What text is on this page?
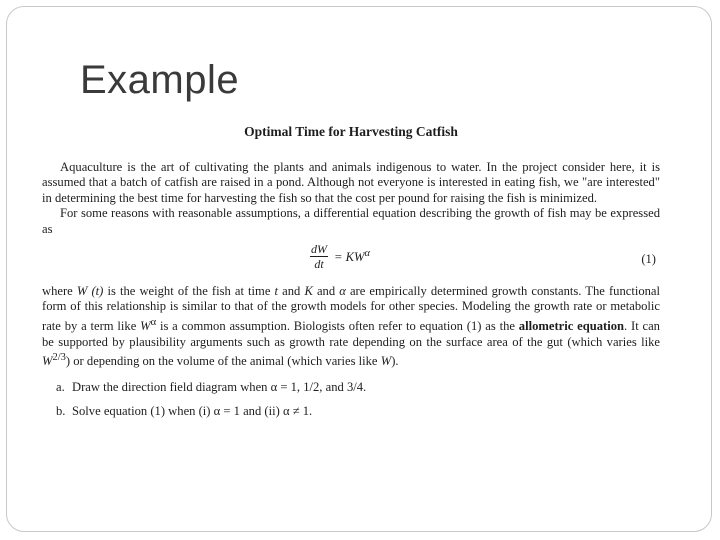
Example
Optimal Time for Harvesting Catfish

Aquaculture is the art of cultivating the plants and animals indigenous to water. In the project consider here, it is assumed that a batch of catfish are raised in a pond. Although not everyone is interested in eating fish, we "are interested" in determining the best time for harvesting the fish so that the cost per pound for raising the fish is minimized.

For some reasons with reasonable assumptions, a differential equation describing the growth of fish may be expressed as

$\frac{dW}{dt} = KW^\alpha$	(1)

where W (t) is the weight of the fish at time t and K and α are empirically determined growth constants. The functional form of this relationship is similar to that of the growth models for other species. Modeling the growth rate or metabolic rate by a term like $W^\alpha$ is a common assumption. Biologists often refer to equation (1) as the allometric equation. It can be supported by plausibility arguments such as growth rate depending on the surface area of the gut (which varies like $W^{2/3}$) or depending on the volume of the animal (which varies like W).

a. Draw the direction field diagram when α = 1, 1/2, and 3/4.
b. Solve equation (1) when (i) α = 1 and (ii) α ≠ 1.
